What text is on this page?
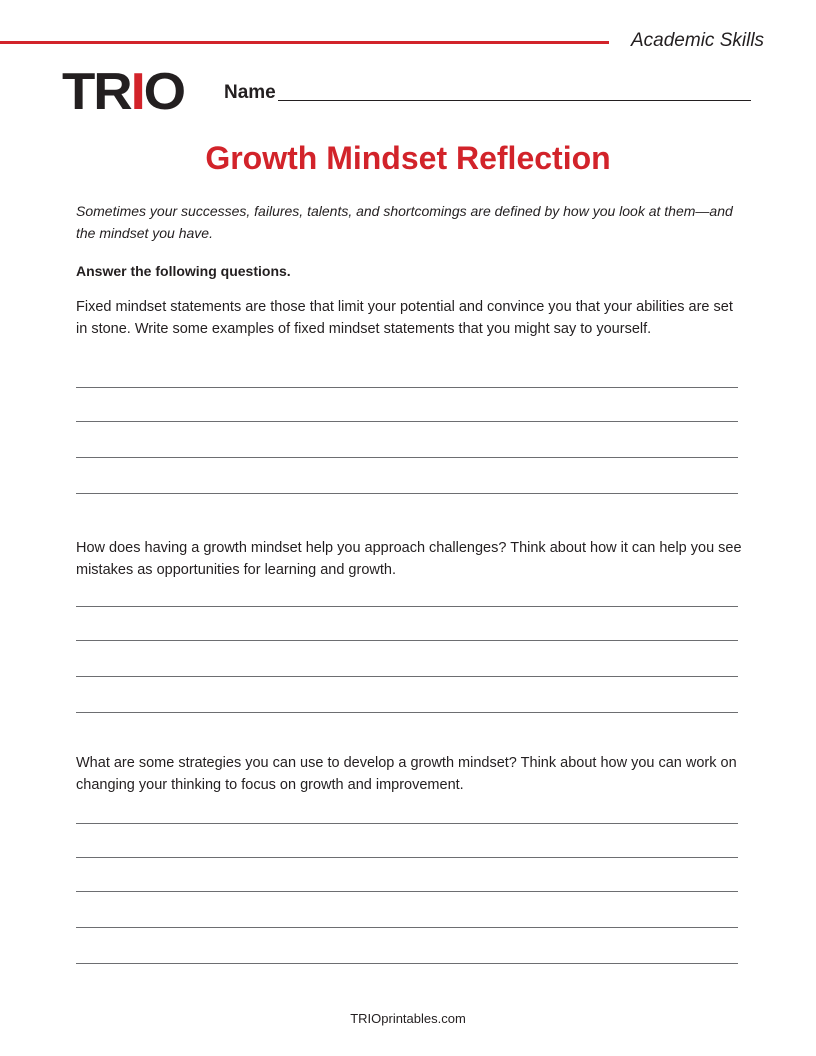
Academic Skills
TRIO Name
Growth Mindset Reflection
Sometimes your successes, failures, talents, and shortcomings are defined by how you look at them—and the mindset you have.
Answer the following questions.
Fixed mindset statements are those that limit your potential and convince you that your abilities are set in stone. Write some examples of fixed mindset statements that you might say to yourself.
How does having a growth mindset help you approach challenges? Think about how it can help you see mistakes as opportunities for learning and growth.
What are some strategies you can use to develop a growth mindset? Think about how you can work on changing your thinking to focus on growth and improvement.
TRIOprintables.com
